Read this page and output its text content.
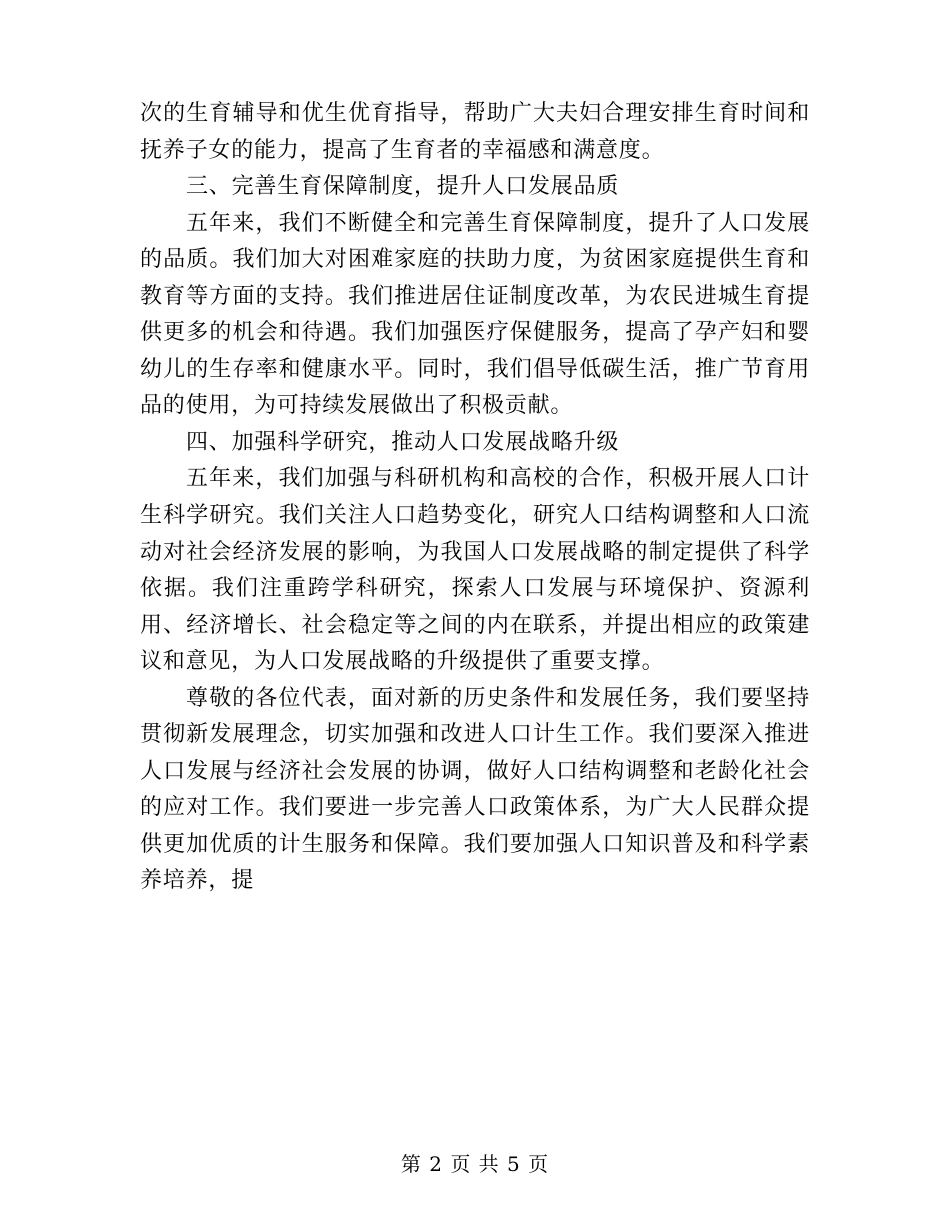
次的生育辅导和优生优育指导，帮助广大夫妇合理安排生育时间和抚养子女的能力，提高了生育者的幸福感和满意度。

三、完善生育保障制度，提升人口发展品质

五年来，我们不断健全和完善生育保障制度，提升了人口发展的品质。我们加大对困难家庭的扶助力度，为贫困家庭提供生育和教育等方面的支持。我们推进居住证制度改革，为农民进城生育提供更多的机会和待遇。我们加强医疗保健服务，提高了孕产妇和婴幼儿的生存率和健康水平。同时，我们倡导低碳生活，推广节育用品的使用，为可持续发展做出了积极贡献。

四、加强科学研究，推动人口发展战略升级

五年来，我们加强与科研机构和高校的合作，积极开展人口计生科学研究。我们关注人口趋势变化，研究人口结构调整和人口流动对社会经济发展的影响，为我国人口发展战略的制定提供了科学依据。我们注重跨学科研究，探索人口发展与环境保护、资源利用、经济增长、社会稳定等之间的内在联系，并提出相应的政策建议和意见，为人口发展战略的升级提供了重要支撑。

尊敬的各位代表，面对新的历史条件和发展任务，我们要坚持贯彻新发展理念，切实加强和改进人口计生工作。我们要深入推进人口发展与经济社会发展的协调，做好人口结构调整和老龄化社会的应对工作。我们要进一步完善人口政策体系，为广大人民群众提供更加优质的计生服务和保障。我们要加强人口知识普及和科学素养培养，提

第 2 页 共 5 页
